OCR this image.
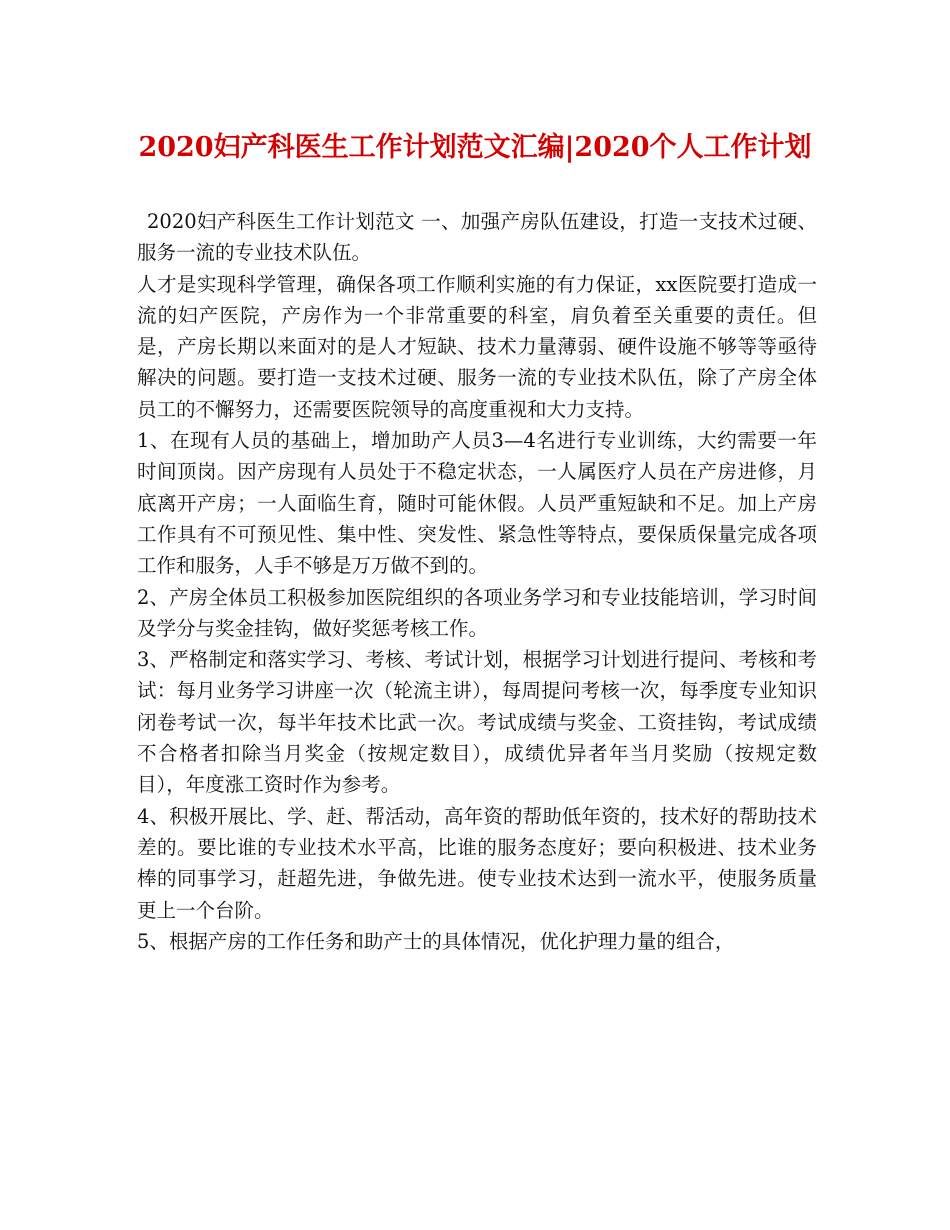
2020妇产科医生工作计划范文汇编|2020个人工作计划

2020妇产科医生工作计划范文 一、加强产房队伍建设，打造一支技术过硬、服务一流的专业技术队伍。

人才是实现科学管理，确保各项工作顺利实施的有力保证，xx医院要打造成一流的妇产医院，产房作为一个非常重要的科室，肩负着至关重要的责任。但是，产房长期以来面对的是人才短缺、技术力量薄弱、硬件设施不够等等亟待解决的问题。要打造一支技术过硬、服务一流的专业技术队伍，除了产房全体员工的不懈努力，还需要医院领导的高度重视和大力支持。

1、在现有人员的基础上，增加助产人员3—4名进行专业训练，大约需要一年时间顶岗。因产房现有人员处于不稳定状态，一人属医疗人员在产房进修，月底离开产房；一人面临生育，随时可能休假。人员严重短缺和不足。加上产房工作具有不可预见性、集中性、突发性、紧急性等特点，要保质保量完成各项工作和服务，人手不够是万万做不到的。

2、产房全体员工积极参加医院组织的各项业务学习和专业技能培训，学习时间及学分与奖金挂钩，做好奖惩考核工作。

3、严格制定和落实学习、考核、考试计划，根据学习计划进行提问、考核和考试：每月业务学习讲座一次（轮流主讲），每周提问考核一次，每季度专业知识闭卷考试一次，每半年技术比武一次。考试成绩与奖金、工资挂钩，考试成绩不合格者扣除当月奖金（按规定数目），成绩优异者年当月奖励（按规定数目），年度涨工资时作为参考。

4、积极开展比、学、赶、帮活动，高年资的帮助低年资的，技术好的帮助技术差的。要比谁的专业技术水平高，比谁的服务态度好；要向积极进、技术业务棒的同事学习，赶超先进，争做先进。使专业技术达到一流水平，使服务质量更上一个台阶。

5、根据产房的工作任务和助产士的具体情况，优化护理力量的组合，
